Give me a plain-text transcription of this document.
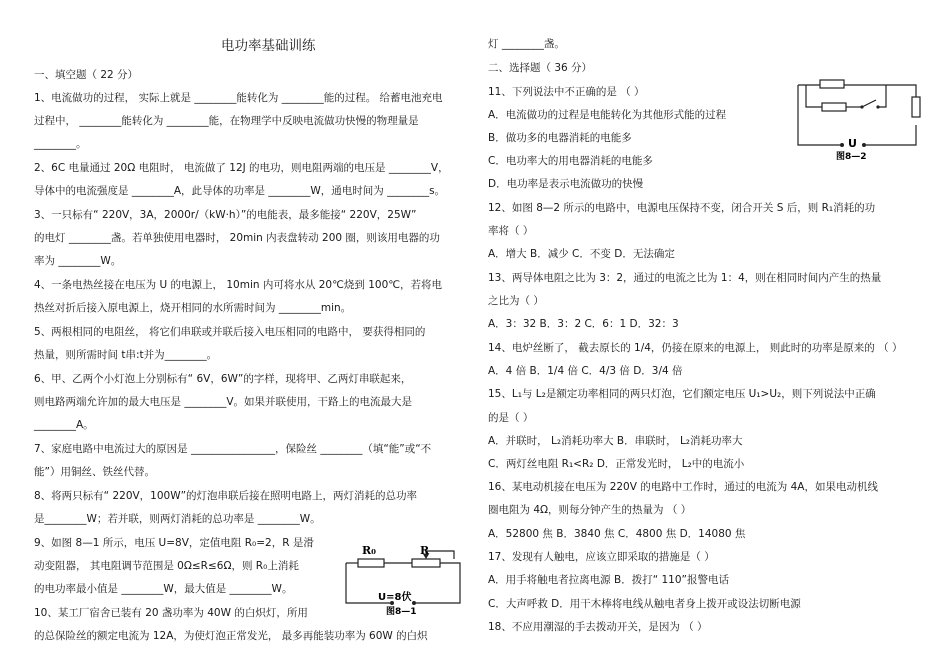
电功率基础训练
一、填空题（ 22 分）
1、电流做功的过程， 实际上就是 ________能转化为 ________能的过程。 给蓄电池充电
过程中， ________能转化为 ________能，在物理学中反映电流做功快慢的物理量是
________。
2、6C 电量通过 20Ω 电阻时， 电流做了 12J 的电功，则电阻两端的电压是 ________V，
导体中的电流强度是 ________A，此导体的功率是 ________W，通电时间为 ________s。
3、一只标有“ 220V，3A，2000r/（kW·h）”的电能表，最多能接“ 220V，25W”
的电灯 ________盏。若单独使用电器时， 20min 内表盘转动 200 圈，则该用电器的功
率为 ________W。
4、一条电热丝接在电压为 U 的电源上， 10min 内可将水从 20℃烧到 100℃，若将电
热丝对折后接入原电源上，烧开相同的水所需时间为 ________min。
5、两根相同的电阻丝， 将它们串联或并联后接入电压相同的电路中， 要获得相同的
热量，则所需时间 t串:t并为________。
6、甲、乙两个小灯泡上分别标有“ 6V，6W”的字样，现将甲、乙两灯串联起来，
则电路两端允许加的最大电压是 ________V。如果并联使用，干路上的电流最大是
________A。
7、家庭电路中电流过大的原因是 ________________，保险丝 ________（填“能”或“不
能”）用铜丝、铁丝代替。
8、将两只标有“ 220V，100W”的灯泡串联后接在照明电路上，两灯消耗的总功率
是________W；若并联，则两灯消耗的总功率是 ________W。
9、如图 8—1 所示，电压 U=8V，定值电阻 R₀=2，R 是滑
动变阻器， 其电阻调节范围是 0Ω≤R≤6Ω，则 R₀上消耗
的电功率最小值是 ________W，最大值是 ________W。
10、某工厂宿舍已装有 20 盏功率为 40W 的白炽灯，所用
的总保险丝的额定电流为 12A，为使灯泡正常发光， 最多再能装功率为 60W 的白炽
灯 ________盏。
二、选择题（ 36 分）
11、下列说法中不正确的是 （ ）
A．电流做功的过程是电能转化为其他形式能的过程
B．做功多的电器消耗的电能多
C．电功率大的用电器消耗的电能多
D．电功率是表示电流做功的快慢
12、如图 8—2 所示的电路中，电源电压保持不变，闭合开关 S 后，则 R₁消耗的功
率将（ ）
A．增大 B．减少 C．不变 D．无法确定
13、两导体电阻之比为 3：2，通过的电流之比为 1：4，则在相同时间内产生的热量
之比为（ ）
A．3：32 B．3：2 C．6：1 D．32：3
14、电炉丝断了， 截去原长的 1/4，仍接在原来的电源上， 则此时的功率是原来的 （ ）
A．4 倍 B．1/4 倍 C．4/3 倍 D．3/4 倍
15、L₁与 L₂是额定功率相同的两只灯泡，它们额定电压 U₁>U₂，则下列说法中正确
的是（ ）
A．并联时， L₂消耗功率大 B．串联时， L₂消耗功率大
C．两灯丝电阻 R₁<R₂ D．正常发光时， L₂中的电流小
16、某电动机接在电压为 220V 的电路中工作时，通过的电流为 4A，如果电动机线
圈电阻为 4Ω，则每分钟产生的热量为 （ ）
A．52800 焦 B．3840 焦 C．4800 焦 D．14080 焦
17、发现有人触电，应该立即采取的措施是（ ）
A．用手将触电者拉离电源 B．拨打“ 110”报警电话
C．大声呼救 D．用干木棒将电线从触电者身上拨开或设法切断电源
18、不应用潮湿的手去拨动开关，是因为 （ ）
R₀	R
U=8伏
图8—1
U
图8—2
